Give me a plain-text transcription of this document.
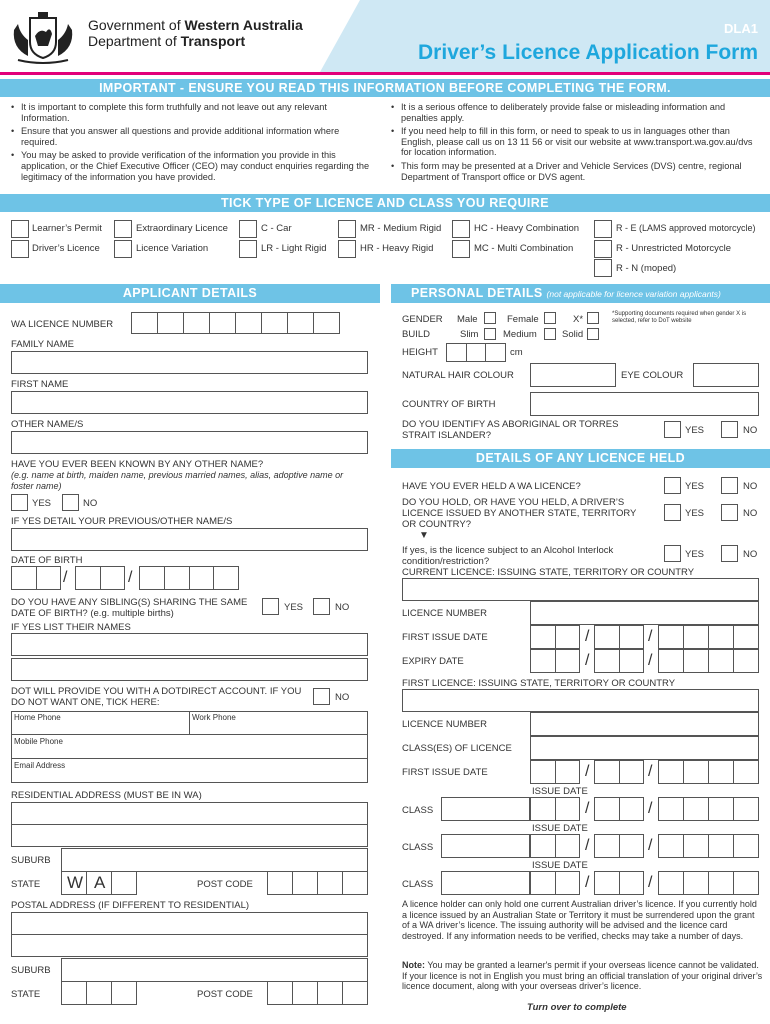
Government of Western Australia
Department of Transport
DLA1
Driver’s Licence Application Form
IMPORTANT - ENSURE YOU READ THIS INFORMATION BEFORE COMPLETING THE FORM.
• It is important to complete this form truthfully and not leave out any relevant Information.
• Ensure that you answer all questions and provide additional information where required.
• You may be asked to provide verification of the information you provide in this application, or the Chief Executive Officer (CEO) may conduct enquiries regarding the legitimacy of the information you have provided.
• It is a serious offence to deliberately provide false or misleading information and penalties apply.
• If you need help to fill in this form, or need to speak to us in languages other than English, please call us on 13 11 56 or visit our website at www.transport.wa.gov.au/dvs for location information.
• This form may be presented at a Driver and Vehicle Services (DVS) centre, regional Department of Transport office or DVS agent.
TICK TYPE OF LICENCE AND CLASS YOU REQUIRE
Learner’s Permit	Extraordinary Licence	C - Car	MR - Medium Rigid	HC - Heavy Combination	R - E (LAMS approved motorcycle)
Driver’s Licence	Licence Variation	LR - Light Rigid	HR - Heavy Rigid	MC - Multi Combination	R - Unrestricted Motorcycle
R - N (moped)
APPLICANT DETAILS
WA LICENCE NUMBER
FAMILY NAME
FIRST NAME
OTHER NAME/S
HAVE YOU EVER BEEN KNOWN BY ANY OTHER NAME?
(e.g. name at birth, maiden name, previous married names, alias, adoptive name or foster name)
YES	NO
IF YES DETAIL YOUR PREVIOUS/OTHER NAME/S
DATE OF BIRTH
/	/
DO YOU HAVE ANY SIBLING(S) SHARING THE SAME DATE OF BIRTH? (e.g. multiple births)
YES	NO
IF YES LIST THEIR NAMES
DOT WILL PROVIDE YOU WITH A DOTDIRECT ACCOUNT. IF YOU DO NOT WANT ONE, TICK HERE:	NO
Home Phone	Work Phone
Mobile Phone
Email Address
RESIDENTIAL ADDRESS (MUST BE IN WA)
SUBURB
STATE W A	POST CODE
POSTAL ADDRESS (IF DIFFERENT TO RESIDENTIAL)
SUBURB
STATE	POST CODE
PERSONAL DETAILS (not applicable for licence variation applicants)
GENDER Male	Female	X*	*Supporting documents required when gender X is selected, refer to DoT website
BUILD	Slim	Medium	Solid
HEIGHT	cm
NATURAL HAIR COLOUR	EYE COLOUR
COUNTRY OF BIRTH
DO YOU IDENTIFY AS ABORIGINAL OR TORRES STRAIT ISLANDER?	YES	NO
DETAILS OF ANY LICENCE HELD
HAVE YOU EVER HELD A WA LICENCE?	YES	NO
DO YOU HOLD, OR HAVE YOU HELD, A DRIVER’S LICENCE ISSUED BY ANOTHER STATE, TERRITORY OR COUNTRY?
YES	NO
▼
If yes, is the licence subject to an Alcohol Interlock condition/restriction?
YES	NO
CURRENT LICENCE: ISSUING STATE, TERRITORY OR COUNTRY
LICENCE NUMBER
FIRST ISSUE DATE	/	/
EXPIRY DATE	/	/
FIRST LICENCE: ISSUING STATE, TERRITORY OR COUNTRY
LICENCE NUMBER
CLASS(ES) OF LICENCE
FIRST ISSUE DATE	/	/
ISSUE DATE
CLASS	/	/
ISSUE DATE
CLASS	/	/
ISSUE DATE
CLASS	/	/
A licence holder can only hold one current Australian driver’s licence. If you currently hold a licence issued by an Australian State or Territory it must be surrendered upon the grant of a WA driver’s licence. The issuing authority will be advised and the licence card destroyed. If any information needs to be verified, checks may take a number of days.
Note: You may be granted a learner's permit if your overseas licence cannot be validated. If your licence is not in English you must bring an official translation of your original driver’s licence document, along with your overseas driver’s licence.
Turn over to complete
